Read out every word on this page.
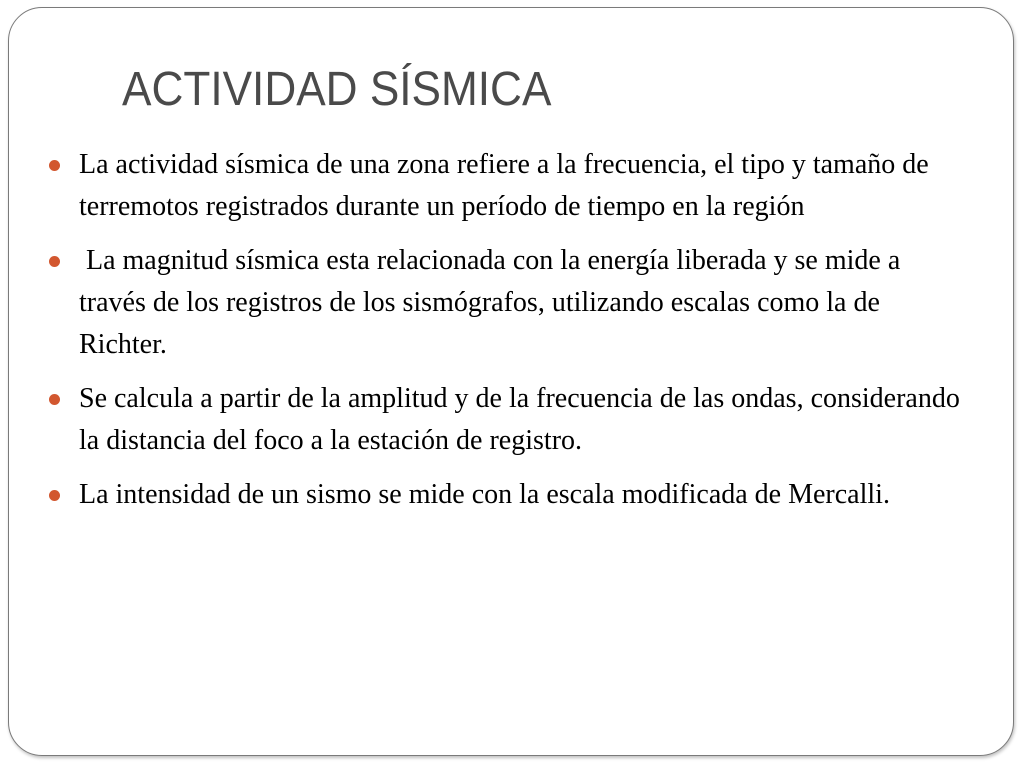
ACTIVIDAD SÍSMICA
La actividad sísmica de una zona refiere a la frecuencia, el tipo y tamaño de terremotos registrados durante un período de tiempo en la región
La magnitud sísmica esta relacionada con la energía liberada y se mide a través de los registros de los sismógrafos, utilizando escalas como la de Richter.
Se calcula a partir de la amplitud y de la frecuencia de las ondas, considerando la distancia del foco a la estación de registro.
La intensidad de un sismo se mide con la escala modificada de Mercalli.
